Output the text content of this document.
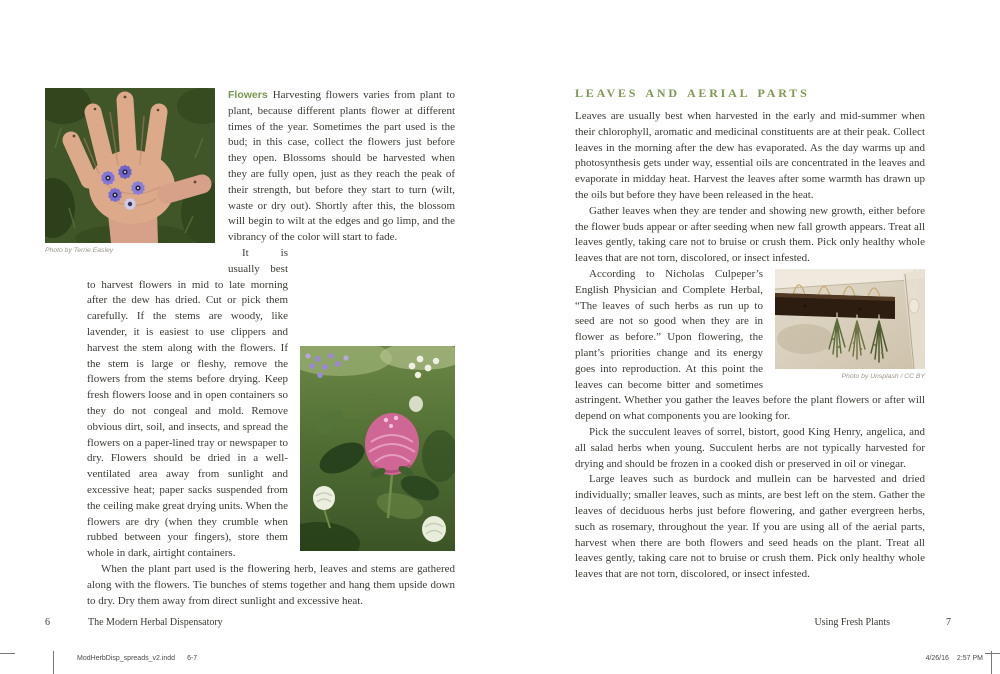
Photo by Terrie Easley

Flowers Harvesting flowers varies from plant to plant, because different plants flower at different times of the year. Sometimes the part used is the bud; in this case, collect the flowers just before they open. Blossoms should be harvested when they are fully open, just as they reach the peak of their strength, but before they start to turn (wilt, waste or dry out). Shortly after this, the blossom will begin to wilt at the edges and go limp, and the vibrancy of the color will start to fade.

It is usually best to harvest flowers in mid to late morning after the dew has dried. Cut or pick them carefully. If the stems are woody, like lavender, it is easiest to use clippers and harvest the stem along with the flowers. If the stem is large or fleshy, remove the flowers from the stems before drying. Keep fresh flowers loose and in open containers so they do not congeal and mold. Remove obvious dirt, soil, and insects, and spread the flowers on a paper-lined tray or newspaper to dry. Flowers should be dried in a well-ventilated area away from sunlight and excessive heat; paper sacks suspended from the ceiling make great drying units. When the flowers are dry (when they crumble when rubbed between your fingers), store them whole in dark, airtight containers.

When the plant part used is the flowering herb, leaves and stems are gathered along with the flowers. Tie bunches of stems together and hang them upside down to dry. Dry them away from direct sunlight and excessive heat.

LEAVES AND AERIAL PARTS

Leaves are usually best when harvested in the early and mid-summer when their chlorophyll, aromatic and medicinal constituents are at their peak. Collect leaves in the morning after the dew has evaporated. As the day warms up and photosynthesis gets under way, essential oils are concentrated in the leaves and evaporate in midday heat. Harvest the leaves after some warmth has drawn up the oils but before they have been released in the heat.

Gather leaves when they are tender and showing new growth, either before the flower buds appear or after seeding when new fall growth appears. Treat all leaves gently, taking care not to bruise or crush them. Pick only healthy whole leaves that are not torn, discolored, or insect infested.

Photo by Unsplash / CC BY

According to Nicholas Culpeper’s English Physician and Complete Herbal, “The leaves of such herbs as run up to seed are not so good when they are in flower as before.” Upon flowering, the plant’s priorities change and its energy goes into reproduction. At this point the leaves can become bitter and sometimes astringent. Whether you gather the leaves before the plant flowers or after will depend on what components you are looking for.

Pick the succulent leaves of sorrel, bistort, good King Henry, angelica, and all salad herbs when young. Succulent herbs are not typically harvested for drying and should be frozen in a cooked dish or preserved in oil or vinegar.

Large leaves such as burdock and mullein can be harvested and dried individually; smaller leaves, such as mints, are best left on the stem. Gather the leaves of deciduous herbs just before flowering, and gather evergreen herbs, such as rosemary, throughout the year. If you are using all of the aerial parts, harvest when there are both flowers and seed heads on the plant. Treat all leaves gently, taking care not to bruise or crush them. Pick only healthy whole leaves that are not torn, discolored, or insect infested.

6	The Modern Herbal Dispensatory	Using Fresh Plants	7
ModHerbDisp_spreads_v2.indd 6-7	4/26/16 2:57 PM
